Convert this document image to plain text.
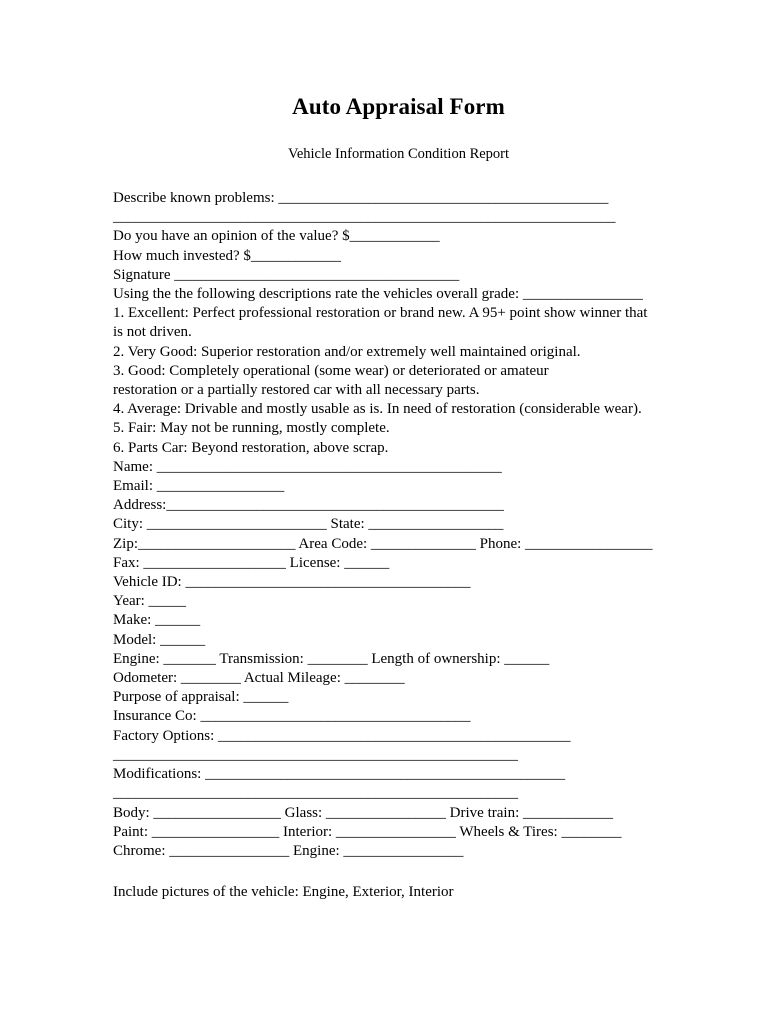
Auto Appraisal Form
Vehicle Information Condition Report
Describe known problems: ____________________________________________
___________________________________________________________________
Do you have an opinion of the value? $____________
How much invested? $____________
Signature ______________________________________
Using the the following descriptions rate the vehicles overall grade: ________________
1. Excellent: Perfect professional restoration or brand new. A 95+ point show winner that
is not driven.
2. Very Good: Superior restoration and/or extremely well maintained original.
3. Good: Completely operational (some wear) or deteriorated or amateur
restoration or a partially restored car with all necessary parts.
4. Average: Drivable and mostly usable as is. In need of restoration (considerable wear).
5. Fair: May not be running, mostly complete.
6. Parts Car: Beyond restoration, above scrap.
Name: ______________________________________________
Email: _________________
Address:_____________________________________________
City: ________________________ State: __________________
Zip:_____________________ Area Code: ______________ Phone: _________________
Fax: ___________________ License: ______
Vehicle ID: ______________________________________
Year: _____
Make: ______
Model: ______
Engine: _______ Transmission: ________ Length of ownership: ______
Odometer: ________ Actual Mileage: ________
Purpose of appraisal: ______
Insurance Co: ____________________________________
Factory Options: _______________________________________________
______________________________________________________
Modifications: ________________________________________________
______________________________________________________
Body: _________________ Glass: ________________ Drive train: ____________
Paint: _________________ Interior: ________________ Wheels & Tires: ________
Chrome: ________________ Engine: ________________
Include pictures of the vehicle: Engine, Exterior, Interior
